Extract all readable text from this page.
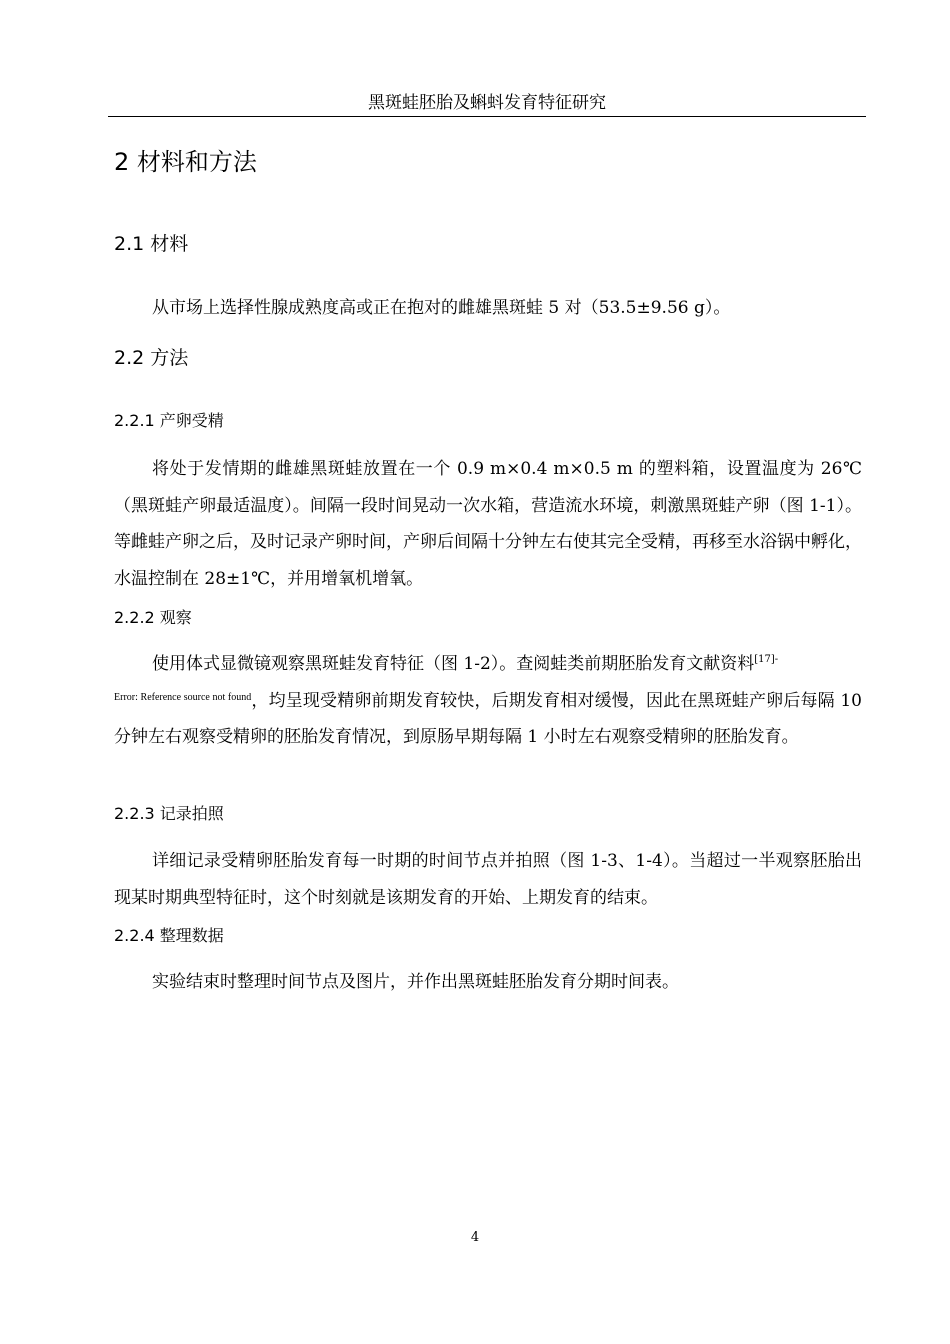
黑斑蛙胚胎及蝌蚪发育特征研究
2 材料和方法
2.1 材料

从市场上选择性腺成熟度高或正在抱对的雌雄黑斑蛙 5 对（53.5±9.56 g）。

2.2 方法
2.2.1 产卵受精

将处于发情期的雌雄黑斑蛙放置在一个 0.9 m×0.4 m×0.5 m 的塑料箱，设置温度为 26℃（黑斑蛙产卵最适温度）。间隔一段时间晃动一次水箱，营造流水环境，刺激黑斑蛙产卵（图 1-1）。等雌蛙产卵之后，及时记录产卵时间，产卵后间隔十分钟左右使其完全受精，再移至水浴锅中孵化，水温控制在 28±1℃，并用增氧机增氧。

2.2.2 观察

使用体式显微镜观察黑斑蛙发育特征（图 1-2）。查阅蛙类前期胚胎发育文献资料$^{[17]-}$
$^{Error: Reference source not found}$，均呈现受精卵前期发育较快，后期发育相对缓慢，因此在黑斑蛙产卵后每隔 10 分钟左右观察受精卵的胚胎发育情况，到原肠早期每隔 1 小时左右观察受精卵的胚胎发育。

2.2.3 记录拍照

详细记录受精卵胚胎发育每一时期的时间节点并拍照（图 1-3、1-4）。当超过一半观察胚胎出现某时期典型特征时，这个时刻就是该期发育的开始、上期发育的结束。

2.2.4 整理数据

实验结束时整理时间节点及图片，并作出黑斑蛙胚胎发育分期时间表。

4
